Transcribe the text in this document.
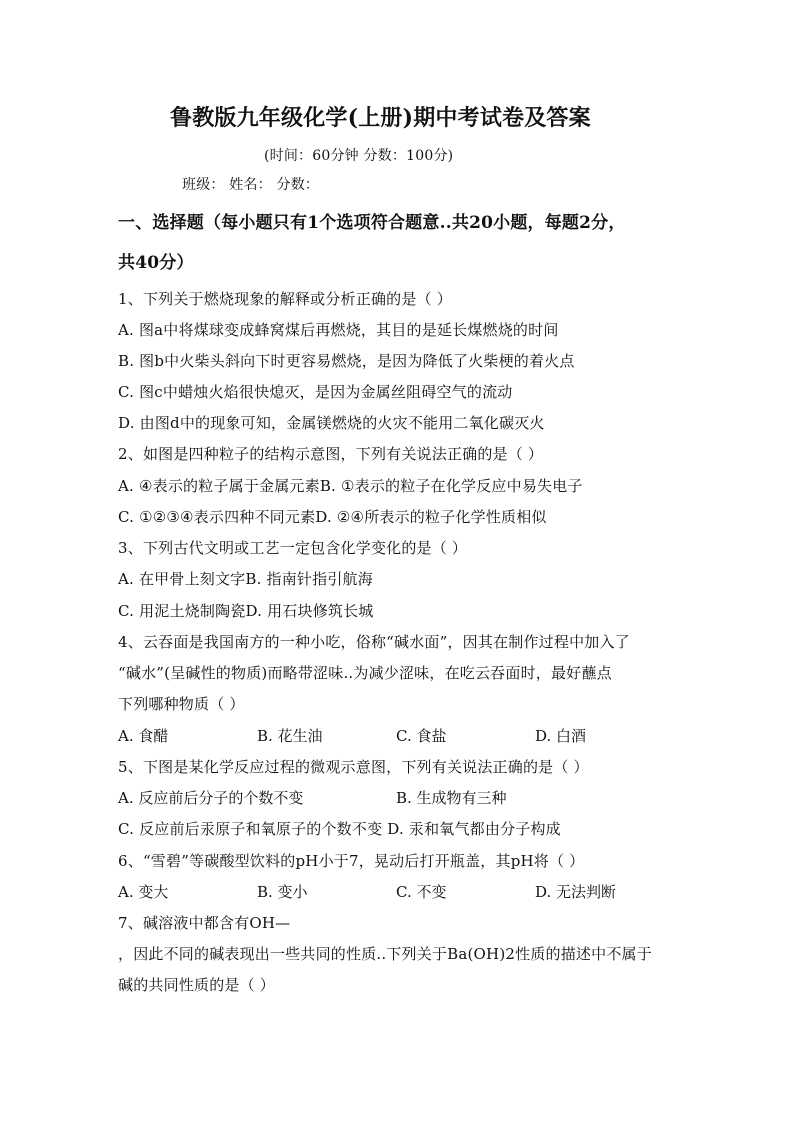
鲁教版九年级化学(上册)期中考试卷及答案
(时间：60分钟 分数：100分)
班级： 姓名： 分数：
一、选择题（每小题只有1个选项符合题意..共20小题，每题2分，
共40分）
1、下列关于燃烧现象的解释或分析正确的是（ ）
A. 图a中将煤球变成蜂窝煤后再燃烧，其目的是延长煤燃烧的时间
B. 图b中火柴头斜向下时更容易燃烧，是因为降低了火柴梗的着火点
C. 图c中蜡烛火焰很快熄灭，是因为金属丝阻碍空气的流动
D. 由图d中的现象可知，金属镁燃烧的火灾不能用二氧化碳灭火
2、如图是四种粒子的结构示意图，下列有关说法正确的是（ ）
A. ④表示的粒子属于金属元素B. ①表示的粒子在化学反应中易失电子
C. ①②③④表示四种不同元素D. ②④所表示的粒子化学性质相似
3、下列古代文明或工艺一定包含化学变化的是（ ）
A. 在甲骨上刻文字B. 指南针指引航海
C. 用泥土烧制陶瓷D. 用石块修筑长城
4、云吞面是我国南方的一种小吃，俗称“碱水面”，因其在制作过程中加入了
“碱水”(呈碱性的物质)而略带涩味..为减少涩味，在吃云吞面时，最好蘸点
下列哪种物质（ ）
A. 食醋	B. 花生油	C. 食盐	D. 白酒
5、下图是某化学反应过程的微观示意图，下列有关说法正确的是（ ）
A. 反应前后分子的个数不变	B. 生成物有三种
C. 反应前后汞原子和氧原子的个数不变 D. 汞和氧气都由分子构成
6、“雪碧”等碳酸型饮料的pH小于7，晃动后打开瓶盖，其pH将（ ）
A. 变大	B. 变小	C. 不变	D. 无法判断
7、碱溶液中都含有OH—
，因此不同的碱表现出一些共同的性质..下列关于Ba(OH)2性质的描述中不属于
碱的共同性质的是（ ）
